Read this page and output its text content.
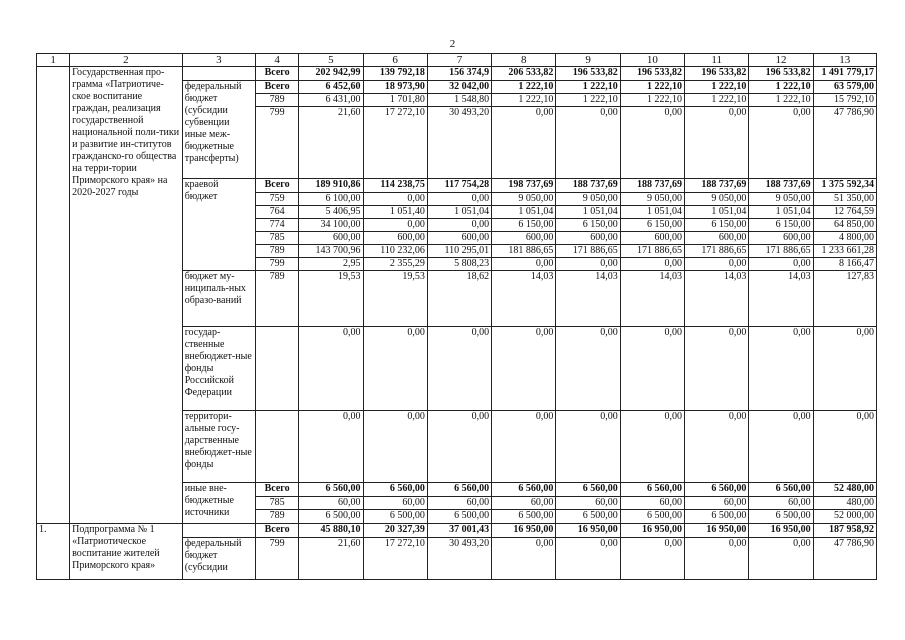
2
1	2	3	4	5	6	7	8	9	10	11	12	13
	Государственная про-грамма «Патриотиче-ское воспитание граждан, реализация государственной национальной поли-тики и развитие ин-ститутов гражданско-го общества на терри-тории Приморского края» на 2020-2027 годы		Всего	202 942,99	139 792,18	156 374,9	206 533,82	196 533,82	196 533,82	196 533,82	196 533,82	1 491 779,17
		федеральный бюджет (субсидии субвенции иные меж-бюджетные трансферты)	Всего	6 452,60	18 973,90	32 042,00	1 222,10	1 222,10	1 222,10	1 222,10	1 222,10	63 579,00
			789	6 431,00	1 701,80	1 548,80	1 222,10	1 222,10	1 222,10	1 222,10	1 222,10	15 792,10
			799	21,60	17 272,10	30 493,20	0,00	0,00	0,00	0,00	0,00	47 786,90
		краевой бюджет	Всего	189 910,86	114 238,75	117 754,28	198 737,69	188 737,69	188 737,69	188 737,69	188 737,69	1 375 592,34
			759	6 100,00	0,00	0,00	9 050,00	9 050,00	9 050,00	9 050,00	9 050,00	51 350,00
			764	5 406,95	1 051,40	1 051,04	1 051,04	1 051,04	1 051,04	1 051,04	1 051,04	12 764,59
			774	34 100,00	0,00	0,00	6 150,00	6 150,00	6 150,00	6 150,00	6 150,00	64 850,00
			785	600,00	600,00	600,00	600,00	600,00	600,00	600,00	600,00	4 800,00
			789	143 700,96	110 232,06	110 295,01	181 886,65	171 886,65	171 886,65	171 886,65	171 886,65	1 233 661,28
			799	2,95	2 355,29	5 808,23	0,00	0,00	0,00	0,00	0,00	8 166,47
		бюджет му-ниципаль-ных образо-ваний	789	19,53	19,53	18,62	14,03	14,03	14,03	14,03	14,03	127,83
		государ-ственные внебюджет-ные фонды Российской Федерации		0,00	0,00	0,00	0,00	0,00	0,00	0,00	0,00	0,00
		территори-альные госу-дарственные внебюджет-ные фонды		0,00	0,00	0,00	0,00	0,00	0,00	0,00	0,00	0,00
		иные вне-бюджетные источники	Всего	6 560,00	6 560,00	6 560,00	6 560,00	6 560,00	6 560,00	6 560,00	6 560,00	52 480,00
			785	60,00	60,00	60,00	60,00	60,00	60,00	60,00	60,00	480,00
			789	6 500,00	6 500,00	6 500,00	6 500,00	6 500,00	6 500,00	6 500,00	6 500,00	52 000,00
1.	Подпрограмма № 1 «Патриотическое воспитание жителей Приморского края»		Всего	45 880,10	20 327,39	37 001,43	16 950,00	16 950,00	16 950,00	16 950,00	16 950,00	187 958,92
		федеральный бюджет (субсидии	799	21,60	17 272,10	30 493,20	0,00	0,00	0,00	0,00	0,00	47 786,90
